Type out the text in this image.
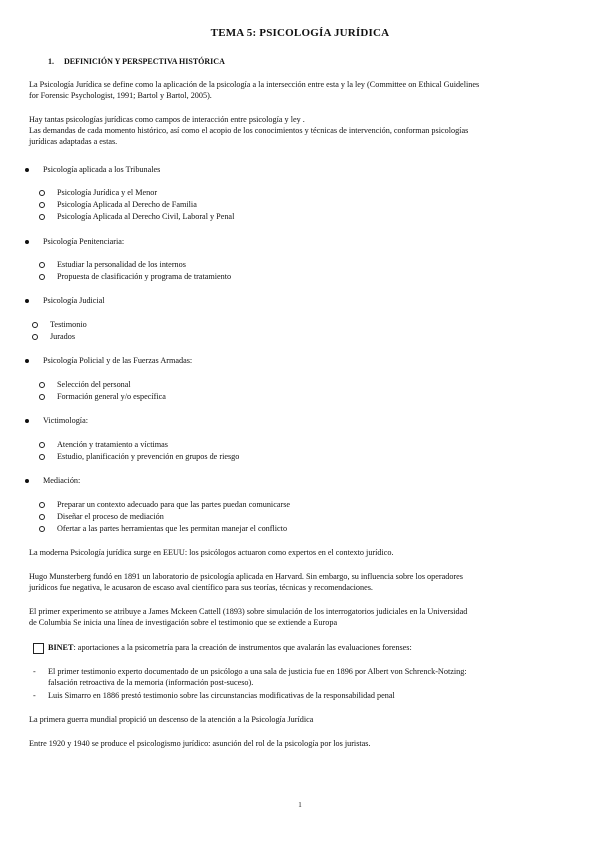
TEMA 5: PSICOLOGÍA JURÍDICA
1. DEFINICIÓN Y PERSPECTIVA HISTÓRICA
La Psicología Jurídica se define como la aplicación de la psicología a la intersección entre esta y la ley (Committee on Ethical Guidelines
for Forensic Psychologist, 1991; Bartol y Bartol, 2005).
Hay tantas psicologías jurídicas como campos de interacción entre psicología y ley .
Las demandas de cada momento histórico, así como el acopio de los conocimientos y técnicas de intervención, conforman psicologías
jurídicas adaptadas a estas.
Psicología aplicada a los Tribunales
Psicología Jurídica y el Menor
Psicología Aplicada al Derecho de Familia
Psicología Aplicada al Derecho Civil, Laboral y Penal
Psicología Penitenciaria:
Estudiar la personalidad de los internos
Propuesta de clasificación y programa de tratamiento
Psicología Judicial
Testimonio
Jurados
Psicología Policial y de las Fuerzas Armadas:
Selección del personal
Formación general y/o específica
Victimología:
Atención y tratamiento a víctimas
Estudio, planificación y prevención en grupos de riesgo
Mediación:
Preparar un contexto adecuado para que las partes puedan comunicarse
Diseñar el proceso de mediación
Ofertar a las partes herramientas que les permitan manejar el conflicto
La moderna Psicología jurídica surge en EEUU: los psicólogos actuaron como expertos en el contexto jurídico.
Hugo Munsterberg fundó en 1891 un laboratorio de psicología aplicada en Harvard. Sin embargo, su influencia sobre los operadores
jurídicos fue negativa, le acusaron de escaso aval científico para sus teorías, técnicas y recomendaciones.
El primer experimento se atribuye a James Mckeen Cattell (1893) sobre simulación de los interrogatorios judiciales en la Universidad
de Columbia Se inicia una línea de investigación sobre el testimonio que se extiende a Europa
BINET: aportaciones a la psicometría para la creación de instrumentos que avalarán las evaluaciones forenses:
- El primer testimonio experto documentado de un psicólogo a una sala de justicia fue en 1896 por Albert von Schrenck-Notzing:
falsación retroactiva de la memoria (información post-suceso).
- Luis Simarro en 1886 prestó testimonio sobre las circunstancias modificativas de la responsabilidad penal
La primera guerra mundial propició un descenso de la atención a la Psicología Jurídica
Entre 1920 y 1940 se produce el psicologismo jurídico: asunción del rol de la psicología por los juristas.
1
